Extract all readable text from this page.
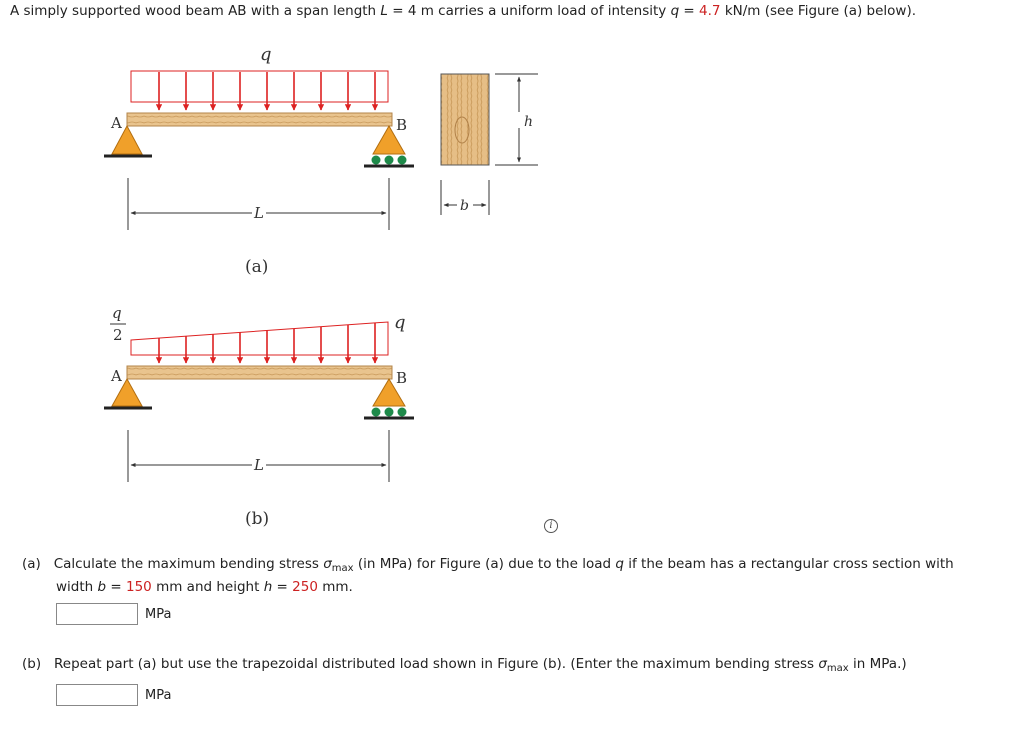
A simply supported wood beam AB with a span length L = 4 m carries a uniform load of intensity q = 4.7 kN/m (see Figure (a) below).
q
A	B
L
(a)
h
b
q
2
q
A	B
L
(b)	i
(a) Calculate the maximum bending stress $\sigma_{max}$ (in MPa) for Figure (a) due to the load q if the beam has a rectangular cross section with
width b = 150 mm and height h = 250 mm.
MPa
(b) Repeat part (a) but use the trapezoidal distributed load shown in Figure (b). (Enter the maximum bending stress $\sigma_{max}$ in MPa.)
MPa
